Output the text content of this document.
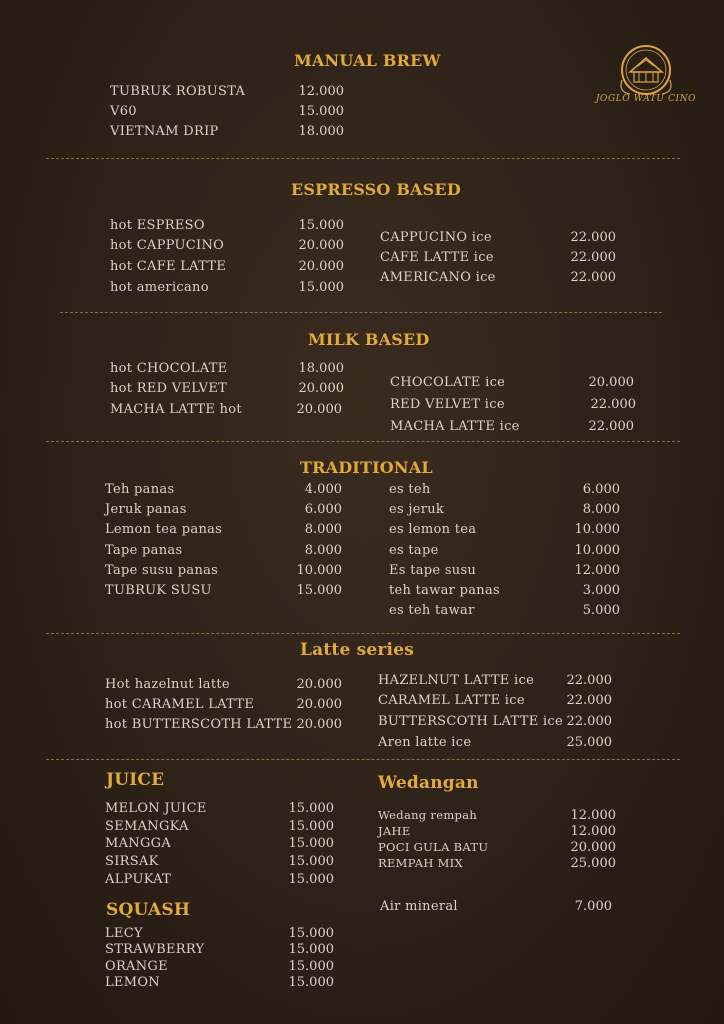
JOGLO WATU CINO
MANUAL BREW
TUBRUK ROBUSTA	12.000
V60	15.000
VIETNAM DRIP	18.000
ESPRESSO BASED
hot ESPRESO	15.000
hot CAPPUCINO	20.000
hot CAFE LATTE	20.000
hot americano	15.000
CAPPUCINO ice	22.000
CAFE LATTE ice	22.000
AMERICANO ice	22.000
MILK BASED
hot CHOCOLATE	18.000
hot RED VELVET	20.000
MACHA LATTE hot	20.000
CHOCOLATE ice	20.000
RED VELVET ice	22.000
MACHA LATTE ice	22.000
TRADITIONAL
Teh panas	4.000
Jeruk panas	6.000
Lemon tea panas	8.000
Tape panas	8.000
Tape susu panas	10.000
TUBRUK SUSU	15.000
es teh	6.000
es jeruk	8.000
es lemon tea	10.000
es tape	10.000
Es tape susu	12.000
teh tawar panas	3.000
es teh tawar	5.000
Latte series
Hot hazelnut latte	20.000
hot CARAMEL LATTE	20.000
hot BUTTERSCOTH LATTE 20.000
HAZELNUT LATTE ice	22.000
CARAMEL LATTE ice	22.000
BUTTERSCOTH LATTE ice 22.000
Aren latte ice	25.000
JUICE
MELON JUICE	15.000
SEMANGKA	15.000
MANGGA	15.000
SIRSAK	15.000
ALPUKAT	15.000
SQUASH
LECY	15.000
STRAWBERRY	15.000
ORANGE	15.000
LEMON	15.000
Wedangan
Wedang rempah	12.000
JAHE	12.000
POCI GULA BATU	20.000
REMPAH MIX	25.000
Air mineral	7.000
